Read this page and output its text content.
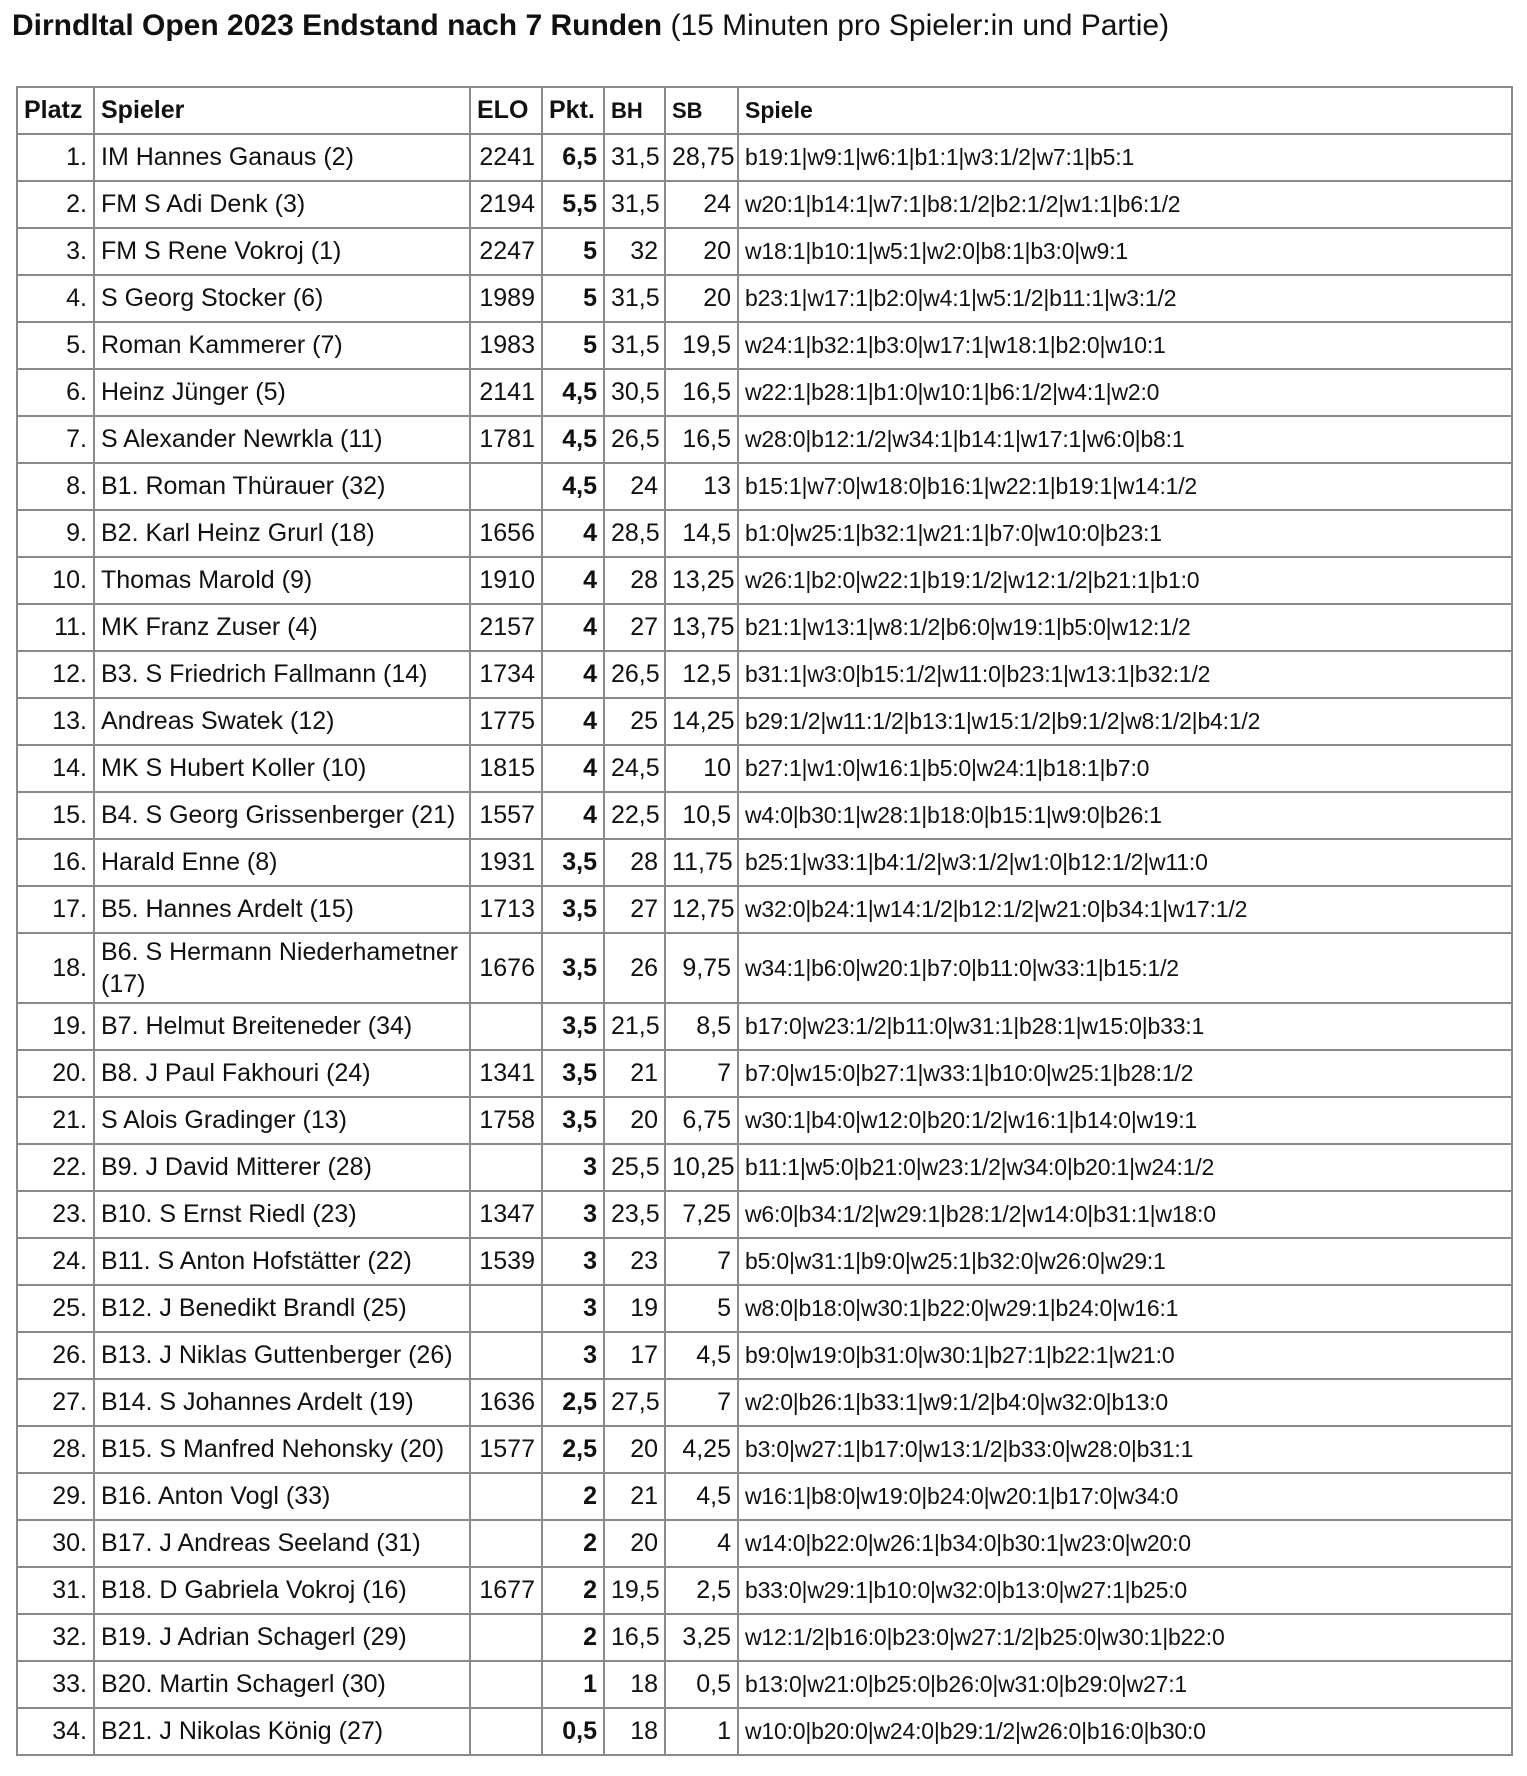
Dirndltal Open 2023 Endstand nach 7 Runden (15 Minuten pro Spieler:in und Partie)
Platz	Spieler	ELO	Pkt.	BH	SB	Spiele
1.	IM Hannes Ganaus (2)	2241	6,5	31,5	28,75	b19:1|w9:1|w6:1|b1:1|w3:1/2|w7:1|b5:1
2.	FM S Adi Denk (3)	2194	5,5	31,5	24	w20:1|b14:1|w7:1|b8:1/2|b2:1/2|w1:1|b6:1/2
3.	FM S Rene Vokroj (1)	2247	5	32	20	w18:1|b10:1|w5:1|w2:0|b8:1|b3:0|w9:1
4.	S Georg Stocker (6)	1989	5	31,5	20	b23:1|w17:1|b2:0|w4:1|w5:1/2|b11:1|w3:1/2
5.	Roman Kammerer (7)	1983	5	31,5	19,5	w24:1|b32:1|b3:0|w17:1|w18:1|b2:0|w10:1
6.	Heinz Jünger (5)	2141	4,5	30,5	16,5	w22:1|b28:1|b1:0|w10:1|b6:1/2|w4:1|w2:0
7.	S Alexander Newrkla (11)	1781	4,5	26,5	16,5	w28:0|b12:1/2|w34:1|b14:1|w17:1|w6:0|b8:1
8.	B1. Roman Thürauer (32)		4,5	24	13	b15:1|w7:0|w18:0|b16:1|w22:1|b19:1|w14:1/2
9.	B2. Karl Heinz Grurl (18)	1656	4	28,5	14,5	b1:0|w25:1|b32:1|w21:1|b7:0|w10:0|b23:1
10.	Thomas Marold (9)	1910	4	28	13,25	w26:1|b2:0|w22:1|b19:1/2|w12:1/2|b21:1|b1:0
11.	MK Franz Zuser (4)	2157	4	27	13,75	b21:1|w13:1|w8:1/2|b6:0|w19:1|b5:0|w12:1/2
12.	B3. S Friedrich Fallmann (14)	1734	4	26,5	12,5	b31:1|w3:0|b15:1/2|w11:0|b23:1|w13:1|b32:1/2
13.	Andreas Swatek (12)	1775	4	25	14,25	b29:1/2|w11:1/2|b13:1|w15:1/2|b9:1/2|w8:1/2|b4:1/2
14.	MK S Hubert Koller (10)	1815	4	24,5	10	b27:1|w1:0|w16:1|b5:0|w24:1|b18:1|b7:0
15.	B4. S Georg Grissenberger (21)	1557	4	22,5	10,5	w4:0|b30:1|w28:1|b18:0|b15:1|w9:0|b26:1
16.	Harald Enne (8)	1931	3,5	28	11,75	b25:1|w33:1|b4:1/2|w3:1/2|w1:0|b12:1/2|w11:0
17.	B5. Hannes Ardelt (15)	1713	3,5	27	12,75	w32:0|b24:1|w14:1/2|b12:1/2|w21:0|b34:1|w17:1/2
18.	B6. S Hermann Niederhametner (17)	1676	3,5	26	9,75	w34:1|b6:0|w20:1|b7:0|b11:0|w33:1|b15:1/2
19.	B7. Helmut Breiteneder (34)		3,5	21,5	8,5	b17:0|w23:1/2|b11:0|w31:1|b28:1|w15:0|b33:1
20.	B8. J Paul Fakhouri (24)	1341	3,5	21	7	b7:0|w15:0|b27:1|w33:1|b10:0|w25:1|b28:1/2
21.	S Alois Gradinger (13)	1758	3,5	20	6,75	w30:1|b4:0|w12:0|b20:1/2|w16:1|b14:0|w19:1
22.	B9. J David Mitterer (28)		3	25,5	10,25	b11:1|w5:0|b21:0|w23:1/2|w34:0|b20:1|w24:1/2
23.	B10. S Ernst Riedl (23)	1347	3	23,5	7,25	w6:0|b34:1/2|w29:1|b28:1/2|w14:0|b31:1|w18:0
24.	B11. S Anton Hofstätter (22)	1539	3	23	7	b5:0|w31:1|b9:0|w25:1|b32:0|w26:0|w29:1
25.	B12. J Benedikt Brandl (25)		3	19	5	w8:0|b18:0|w30:1|b22:0|w29:1|b24:0|w16:1
26.	B13. J Niklas Guttenberger (26)		3	17	4,5	b9:0|w19:0|b31:0|w30:1|b27:1|b22:1|w21:0
27.	B14. S Johannes Ardelt (19)	1636	2,5	27,5	7	w2:0|b26:1|b33:1|w9:1/2|b4:0|w32:0|b13:0
28.	B15. S Manfred Nehonsky (20)	1577	2,5	20	4,25	b3:0|w27:1|b17:0|w13:1/2|b33:0|w28:0|b31:1
29.	B16. Anton Vogl (33)		2	21	4,5	w16:1|b8:0|w19:0|b24:0|w20:1|b17:0|w34:0
30.	B17. J Andreas Seeland (31)		2	20	4	w14:0|b22:0|w26:1|b34:0|b30:1|w23:0|w20:0
31.	B18. D Gabriela Vokroj (16)	1677	2	19,5	2,5	b33:0|w29:1|b10:0|w32:0|b13:0|w27:1|b25:0
32.	B19. J Adrian Schagerl (29)		2	16,5	3,25	w12:1/2|b16:0|b23:0|w27:1/2|b25:0|w30:1|b22:0
33.	B20. Martin Schagerl (30)		1	18	0,5	b13:0|w21:0|b25:0|b26:0|w31:0|b29:0|w27:1
34.	B21. J Nikolas König (27)		0,5	18	1	w10:0|b20:0|w24:0|b29:1/2|w26:0|b16:0|b30:0
